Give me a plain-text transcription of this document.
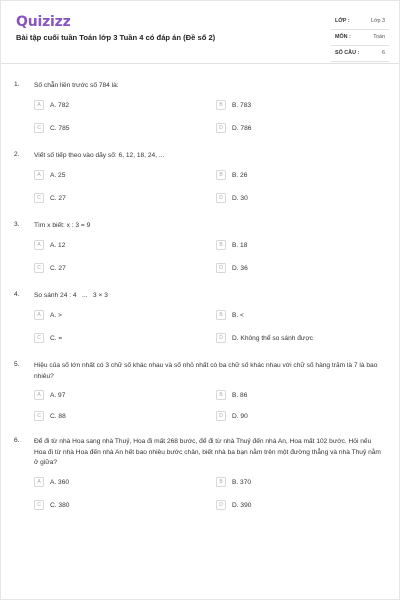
Quizizz
Bài tập cuối tuần Toán lớp 3 Tuần 4 có đáp án (Đề số 2)
LỚP :	Lớp 3
MÔN :	Toán
SỐ CÂU :	6
1. Số chẵn liền trước số 784 là:
A	A. 782	B	B. 783
C	C. 785	D	D. 786
2. Viết số tiếp theo vào dãy số: 6, 12, 18, 24, ...
A	A. 25	B	B. 26
C	C. 27	D	D. 30
3. Tìm x biết: x : 3 = 9
A	A. 12	B	B. 18
C	C. 27	D	D. 36
4. So sánh 24 : 4   ...   3 × 3
A	A. >	B	B. <
C	C. =	D	D. Không thể so sánh được
5. Hiệu của số lớn nhất có 3 chữ số khác nhau và số nhỏ nhất có ba chữ số khác nhau với chữ số hàng trăm là 7 là bao nhiêu?
A	A. 97	B	B. 86
C	C. 88	D	D. 90
6. Để đi từ nhà Hoa sang nhà Thuỷ, Hoa đi mất 268 bước, để đi từ nhà Thuỷ đến nhà An, Hoa mất 102 bước. Hỏi nếu Hoa đi từ nhà Hoa đến nhà An hết bao nhiêu bước chân, biết nhà ba bạn nằm trên một đường thẳng và nhà Thuỷ nằm ở giữa?
A	A. 360	B	B. 370
C	C. 380	D	D. 390
